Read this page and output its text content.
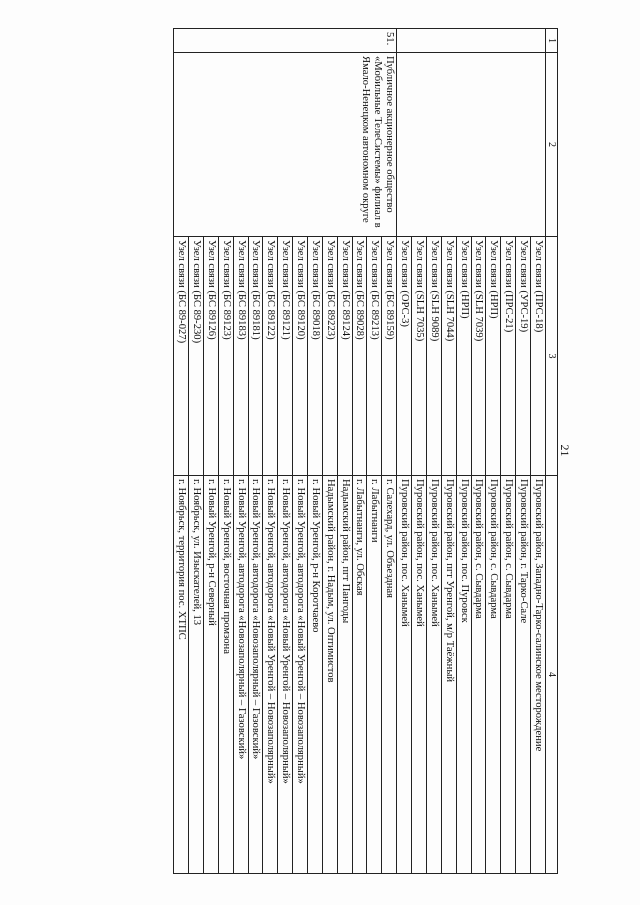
21
1	2	3	4
		Узел связи (ПРС-18)	Пуровский район, Западно-Тарко-салинское месторождение
		Узел связи (УРС-19)	Пуровский район, г. Тарко-Сале
		Узел связи (ПРС-21)	Пуровский район, с. Сывдарма
		Узел связи (НРП)	Пуровский район, с. Сывдарма
		Узел связи (SLH 7039)	Пуровский район, с. Сывдарма
		Узел связи (НРП)	Пуровский район, пос. Пуровск
		Узел связи (SLH 7044)	Пуровский район, пгт Уренгой, м/р Таёжный
		Узел связи (SLH 9089)	Пуровский район, пос. Ханымей
		Узел связи (SLH 7035)	Пуровский район, пос. Ханымей
		Узел связи (ОРС-3)	Пуровский район, пос. Ханымей
51.	Публичное акционерное общество «Мобильные ТелеСистемы» филиал в Ямало-Ненецком автономном округе	Узел связи (БС 89159)	г. Салехард, ул. Объездная
		Узел связи (БС 89213)	г. Лабытнанги
		Узел связи (БС 89028)	г. Лабытнанги, ул. Обская
		Узел связи (БС 89124)	Надымский район, пгт Пангоды
		Узел связи (БС 89223)	Надымский район, г. Надым, ул. Оптимистов
		Узел связи (БС 89018)	г. Новый Уренгой, р-н Коротчаево
		Узел связи (БС 89120)	г. Новый Уренгой, автодорога «Новый Уренгой – Новозаполярный»
		Узел связи (БС 89121)	г. Новый Уренгой, автодорога «Новый Уренгой – Новозаполярный»
		Узел связи (БС 89122)	г. Новый Уренгой, автодорога «Новый Уренгой – Новозаполярный»
		Узел связи (БС 89181)	г. Новый Уренгой, автодорога «Новозаполярный – Газовский»
		Узел связи (БС 89183)	г. Новый Уренгой, автодорога «Новозаполярный – Газовский»
		Узел связи (БС 89123)	г. Новый Уренгой, восточная промзона
		Узел связи (БС 89126)	г. Новый Уренгой, р-н Северный
		Узел связи (БС 89-230)	г. Ноябрьск, ул. Изыскателей, 13
		Узел связи (БС 89-027)	г. Ноябрьск, территория пос. ХТПС
